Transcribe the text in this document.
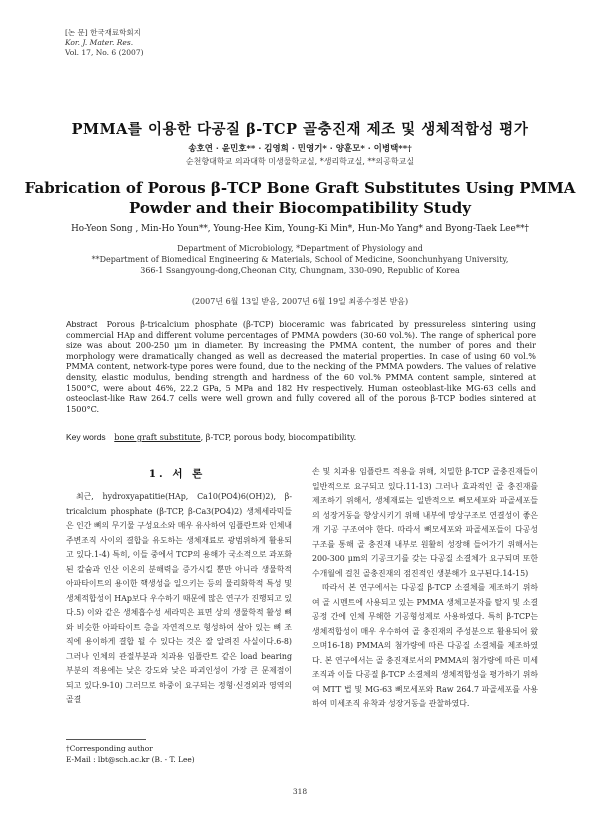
[논 문] 한국재료학회지
Kor. J. Mater. Res.
Vol. 17, No. 6 (2007)
PMMA를 이용한 다공질 β-TCP 골충진재 제조 및 생체적합성 평가
송호연 · 윤민호** · 김영희 · 민영기* · 양훈모* · 이병택**†
순천향대학교 의과대학 미생물학교실, *생리학교실, **의공학교실
Fabrication of Porous β-TCP Bone Graft Substitutes Using PMMA
Powder and their Biocompatibility Study
Ho-Yeon Song , Min-Ho Youn**, Young-Hee Kim, Young-Ki Min*, Hun-Mo Yang* and Byong-Taek Lee**†
Department of Microbiology, *Department of Physiology and
**Department of Biomedical Engineering & Materials, School of Medicine, Soonchunhyang University,
366-1 Ssangyoung-dong,Cheonan City, Chungnam, 330-090, Republic of Korea
(2007년 6월 13일 받음, 2007년 6월 19일 최종수정본 받음)
Abstract Porous β-tricalcium phosphate (β-TCP) bioceramic was fabricated by pressureless sintering using commercial HAp and different volume percentages of PMMA powders (30-60 vol.%). The range of spherical pore size was about 200-250 μm in diameter. By increasing the PMMA content, the number of pores and their morphology were dramatically changed as well as decreased the material properties. In case of using 60 vol.% PMMA content, network-type pores were found, due to the necking of the PMMA powders. The values of relative density, elastic modulus, bending strength and hardness of the 60 vol.% PMMA content sample, sintered at 1500°C, were about 46%, 22.2 GPa, 5 MPa and 182 Hv respectively. Human osteoblast-like MG-63 cells and osteoclast-like Raw 264.7 cells were well grown and fully covered all of the porous β-TCP bodies sintered at 1500°C.
Key words bone graft substitute, β-TCP, porous body, biocompatibility.
1. 서 론
최근, hydroxyapatitie(HAp, Ca10(PO4)6(OH)2), β-tricalcium phosphate (β-TCP, β-Ca3(PO4)2) 생체세라믹들은 인간 뼈의 무기물 구성요소와 매우 유사하여 임플란트와 인체내 주변조직 사이의 결합을 유도하는 생체재료로 광범위하게 활용되고 있다.1-4) 특히, 이들 중에서 TCP의 용해가 국소적으로 과포화된 칼슘과 인산 이온의 분해력을 증가시킬 뿐만 아니라 생물학적 아파타이트의 용이한 핵생성을 일으키는 등의 물리화학적 특성 및 생체적합성이 HAp보다 우수하기 때문에 많은 연구가 진행되고 있다.5) 이와 같은 생체흡수성 세라믹은 표면 상의 생물학적 활성 뼈와 비슷한 아파타이트 층을 자연적으로 형성하여 살아 있는 뼈 조직에 용이하게 결합 될 수 있다는 것은 잘 알려진 사실이다.6-8) 그러나 인체의 관절부분과 치과용 임플란트 같은 load bearing 부분의 적용에는 낮은 강도와 낮은 파괴인성이 가장 큰 문제점이 되고 있다.9-10) 그러므로 하중이 요구되는 정형·신경외과 영역의 골결

손 및 치과용 임플란트 적용을 위해, 치밀한 β-TCP 골충진재들이 일반적으로 요구되고 있다.11-13) 그러나 효과적인 골 충진재를 제조하기 위해서, 생체재료는 일반적으로 뼈모세포와 파골세포들의 성장거동을 향상시키기 위해 내부에 망상구조로 연결성이 좋은 개 기공 구조여야 한다. 따라서 뼈모세포와 파골세포들이 다공성 구조를 통해 골 충진재 내부로 원활히 성장해 들어가기 위해서는 200-300 μm의 기공크기를 갖는 다공질 소결체가 요구되며 또한 수개월에 걸친 골충진재의 점진적인 생분해가 요구된다.14-15)

따라서 본 연구에서는 다공질 β-TCP 소결체를 제조하기 위하여 골 시멘트에 사용되고 있는 PMMA 생체고분자를 탈지 및 소결 공정 간에 인체 무해한 기공형성제로 사용하였다. 특히 β-TCP는 생체적합성이 매우 우수하여 골 충진재의 주성분으로 활용되어 왔으며16-18) PMMA의 첨가량에 따른 다공질 소결체를 제조하였다. 본 연구에서는 골 충진재로서의 PMMA의 첨가량에 따른 미세조직과 이들 다공질 β-TCP 소결체의 생체적합성을 평가하기 위하여 MTT 법 및 MG-63 뼈모세포와 Raw 264.7 파골세포를 사용하여 미세조직 유착과 성장거동을 관찰하였다.

†Corresponding author
E-Mail : lbt@sch.ac.kr (B. - T. Lee)
318
